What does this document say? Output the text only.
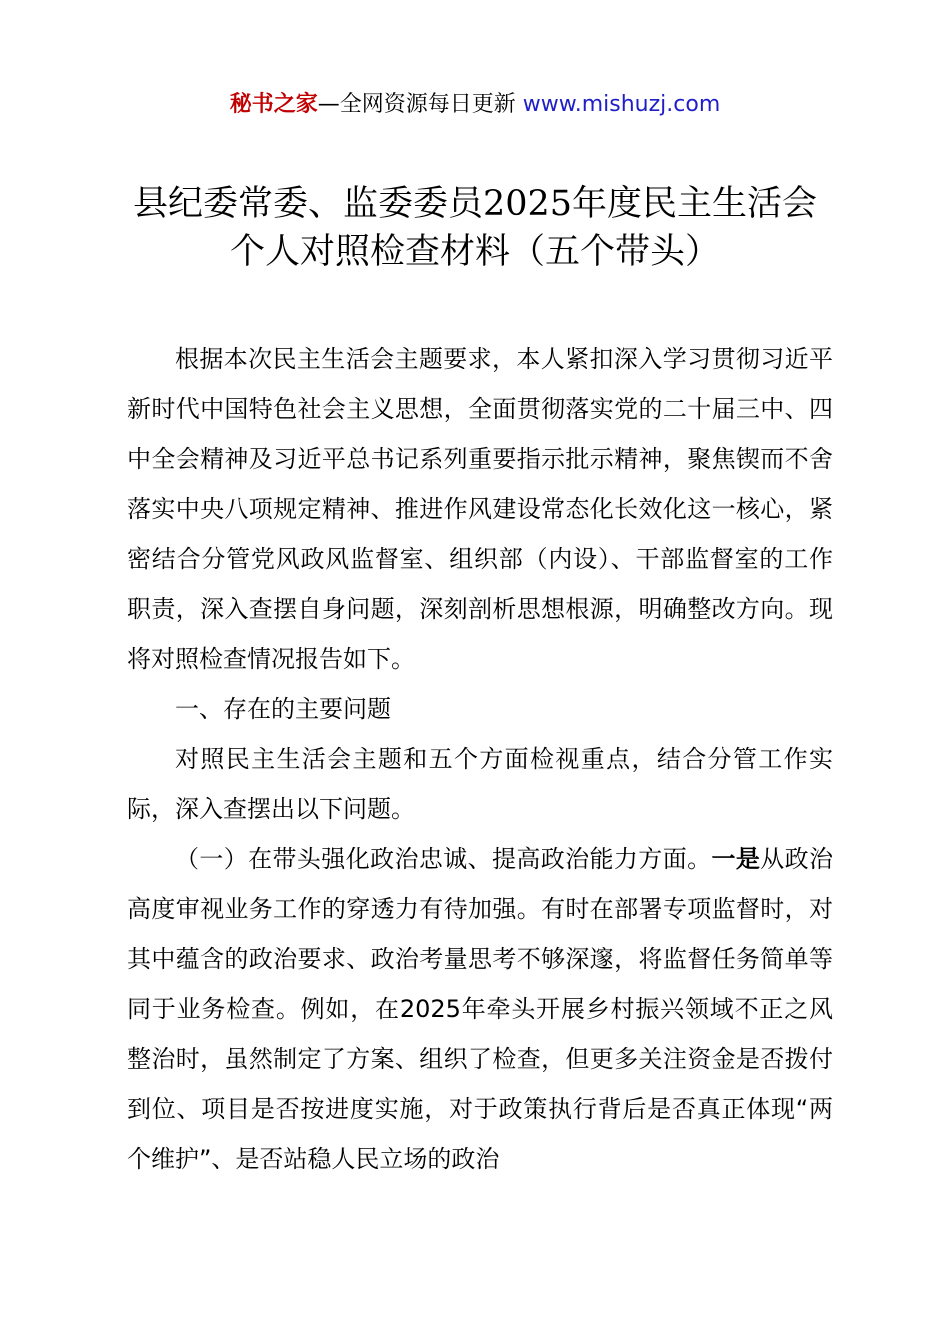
秘书之家—全网资源每日更新 www.mishuzj.com
县纪委常委、监委委员2025年度民主生活会
个人对照检查材料（五个带头）

根据本次民主生活会主题要求，本人紧扣深入学习贯彻习近平新时代中国特色社会主义思想，全面贯彻落实党的二十届三中、四中全会精神及习近平总书记系列重要指示批示精神，聚焦锲而不舍落实中央八项规定精神、推进作风建设常态化长效化这一核心，紧密结合分管党风政风监督室、组织部（内设）、干部监督室的工作职责，深入查摆自身问题，深刻剖析思想根源，明确整改方向。现将对照检查情况报告如下。

一、存在的主要问题

对照民主生活会主题和五个方面检视重点，结合分管工作实际，深入查摆出以下问题。

（一）在带头强化政治忠诚、提高政治能力方面。一是从政治高度审视业务工作的穿透力有待加强。有时在部署专项监督时，对其中蕴含的政治要求、政治考量思考不够深邃，将监督任务简单等同于业务检查。例如，在2025年牵头开展乡村振兴领域不正之风整治时，虽然制定了方案、组织了检查，但更多关注资金是否拨付到位、项目是否按进度实施，对于政策执行背后是否真正体现“两个维护”、是否站稳人民立场的政治
